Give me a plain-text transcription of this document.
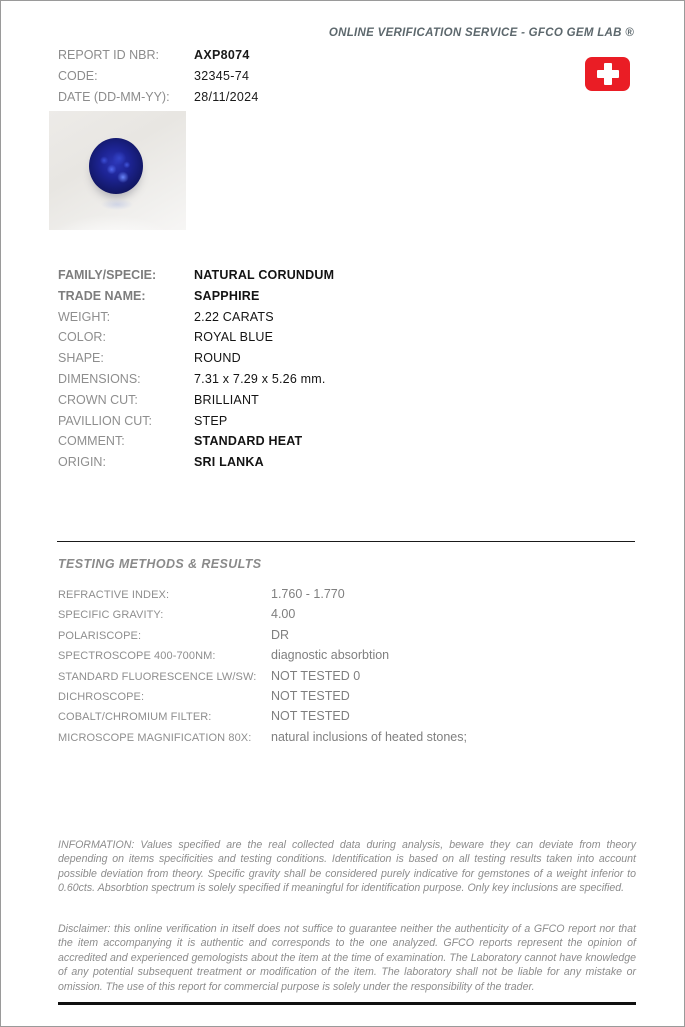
ONLINE VERIFICATION SERVICE - GFCO GEM LAB ®
REPORT ID NBR:	AXP8074
CODE:	32345-74
DATE (DD-MM-YY): 28/11/2024
FAMILY/SPECIE:	NATURAL CORUNDUM
TRADE NAME:	SAPPHIRE
WEIGHT:	2.22 CARATS
COLOR:	ROYAL BLUE
SHAPE:	ROUND
DIMENSIONS:	7.31 x 7.29 x 5.26 mm.
CROWN CUT:	BRILLIANT
PAVILLION CUT:	STEP
COMMENT:	STANDARD HEAT
ORIGIN:	SRI LANKA
TESTING METHODS & RESULTS
REFRACTIVE INDEX:	1.760 - 1.770
SPECIFIC GRAVITY:	4.00
POLARISCOPE:	DR
SPECTROSCOPE 400-700NM:	diagnostic absorbtion
STANDARD FLUORESCENCE LW/SW: NOT TESTED 0
DICHROSCOPE:	NOT TESTED
COBALT/CHROMIUM FILTER:	NOT TESTED
MICROSCOPE MAGNIFICATION 80X: natural inclusions of heated stones;
INFORMATION: Values specified are the real collected data during analysis, beware they can deviate from theory depending on items specificities and testing conditions. Identification is based on all testing results taken into account possible deviation from theory. Specific gravity shall be considered purely indicative for gemstones of a weight inferior to 0.60cts. Absorbtion spectrum is solely specified if meaningful for identification purpose. Only key inclusions are specified.
Disclaimer: this online verification in itself does not suffice to guarantee neither the authenticity of a GFCO report nor that the item accompanying it is authentic and corresponds to the one analyzed. GFCO reports represent the opinion of accredited and experienced gemologists about the item at the time of examination. The Laboratory cannot have knowledge of any potential subsequent treatment or modification of the item. The laboratory shall not be liable for any mistake or omission. The use of this report for commercial purpose is solely under the responsibility of the trader.
